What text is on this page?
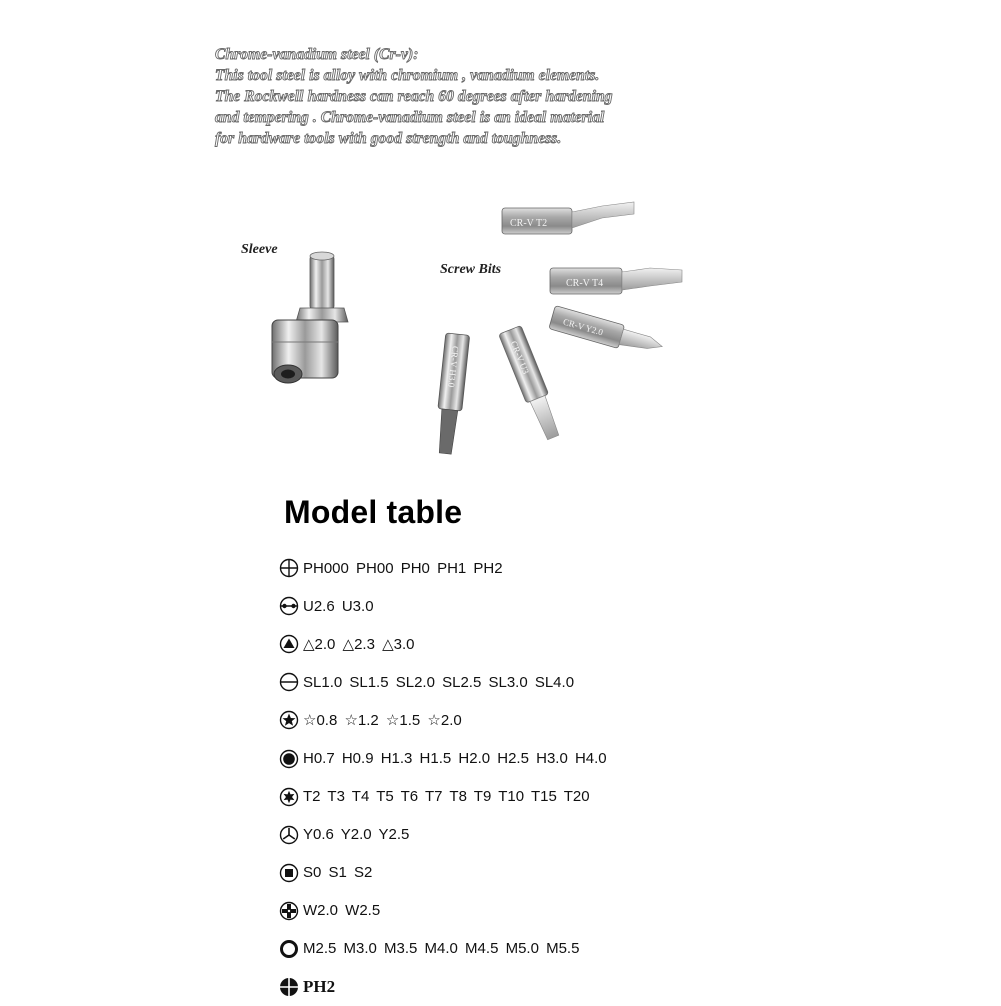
Chrome-vanadium steel (Cr-v):
This tool steel is alloy with chromium , vanadium elements.
The Rockwell hardness can reach 60 degrees after hardening
and tempering . Chrome-vanadium steel is an ideal material
for hardware tools with good strength and toughness.
CR-V T2
CR-V T4
CR-V Y2.0
CR-V U3
CR-V H3.0
Sleeve
Screw Bits
Model table
PH000 PH00 PH0 PH1 PH2
U2.6 U3.0
△2.0 △2.3 △3.0
SL1.0 SL1.5 SL2.0 SL2.5 SL3.0 SL4.0
☆0.8 ☆1.2 ☆1.5 ☆2.0
H0.7 H0.9 H1.3 H1.5 H2.0 H2.5 H3.0 H4.0
T2 T3 T4 T5 T6 T7 T8 T9 T10 T15 T20
Y0.6 Y2.0 Y2.5
S0 S1 S2
W2.0 W2.5
M2.5 M3.0 M3.5 M4.0 M4.5 M5.0 M5.5
PH2
